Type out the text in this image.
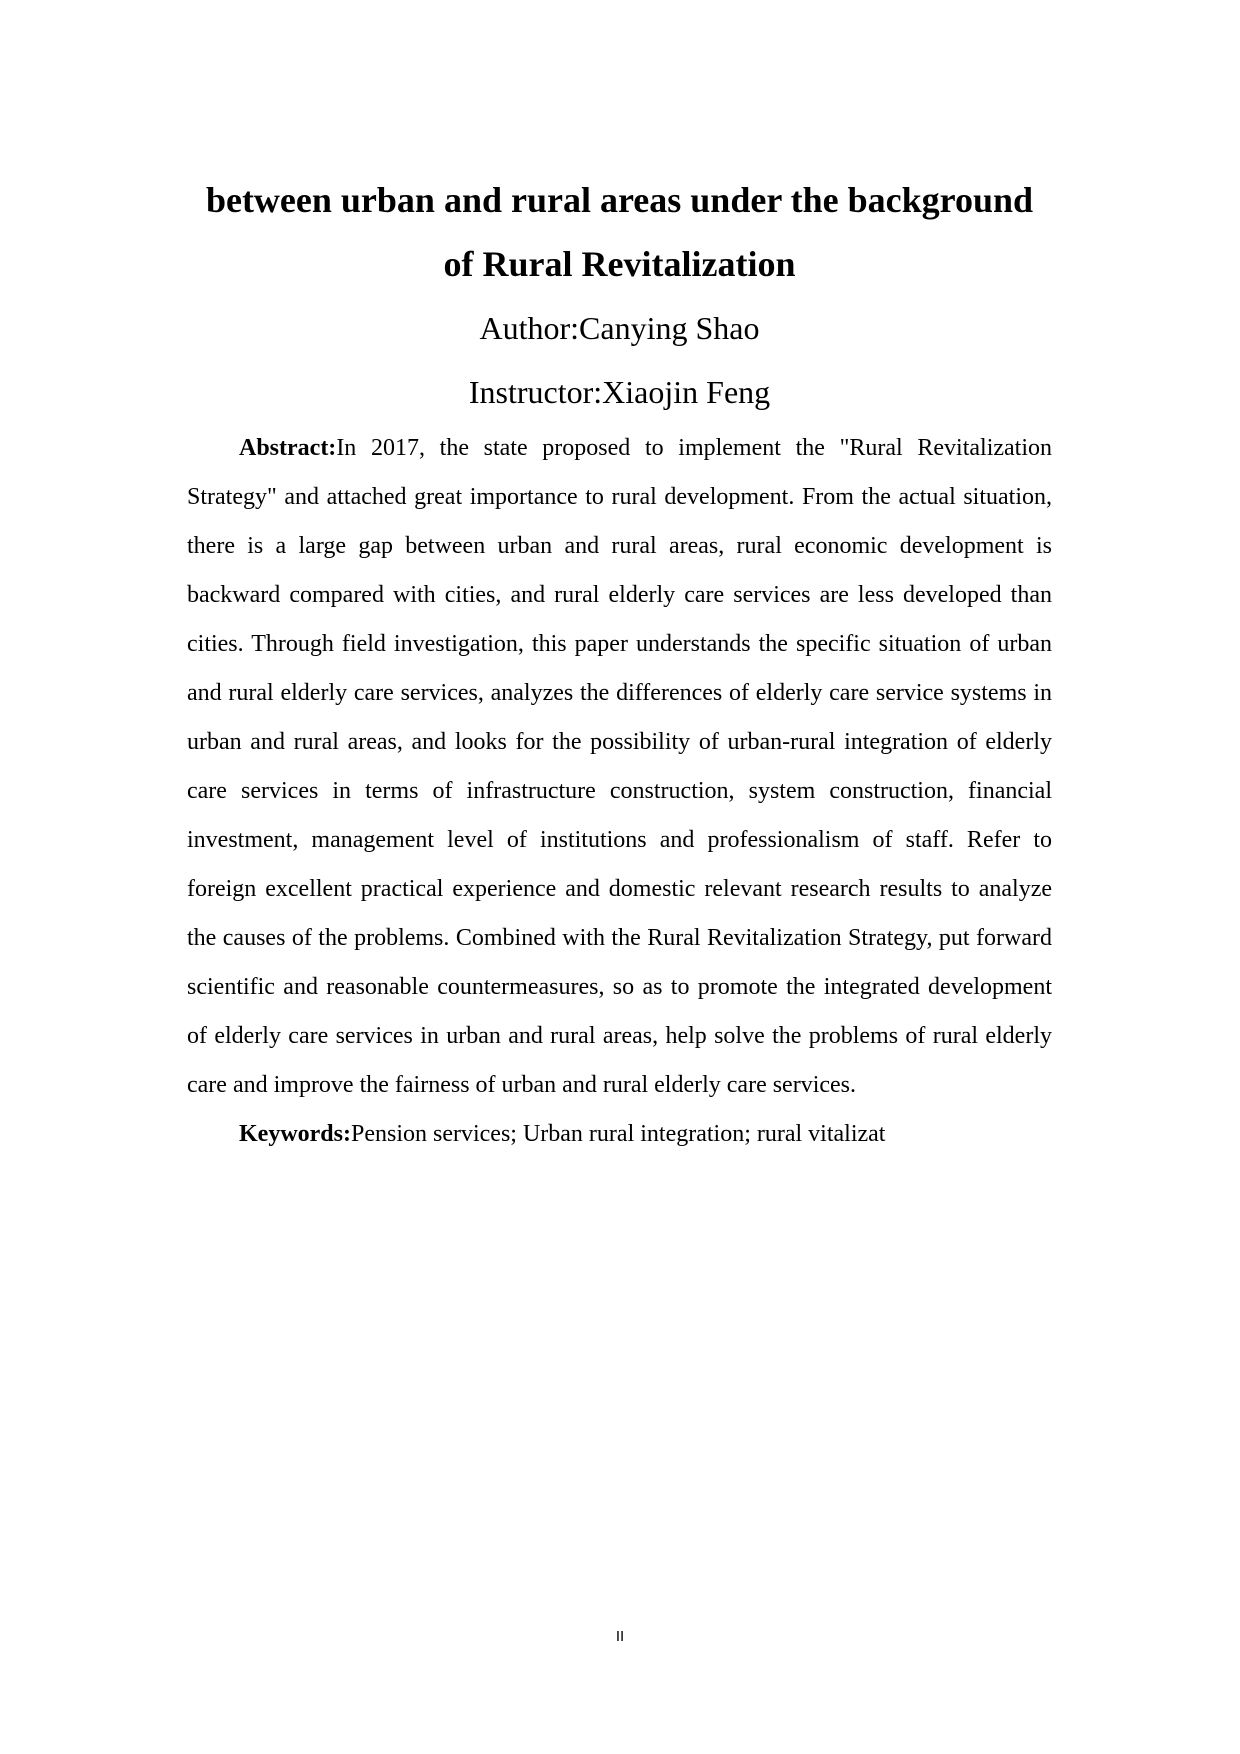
between urban and rural areas under the background
of Rural Revitalization

Author:Canying Shao

Instructor:Xiaojin Feng

Abstract:In 2017, the state proposed to implement the "Rural Revitalization Strategy" and attached great importance to rural development. From the actual situation, there is a large gap between urban and rural areas, rural economic development is backward compared with cities, and rural elderly care services are less developed than cities. Through field investigation, this paper understands the specific situation of urban and rural elderly care services, analyzes the differences of elderly care service systems in urban and rural areas, and looks for the possibility of urban-rural integration of elderly care services in terms of infrastructure construction, system construction, financial investment, management level of institutions and professionalism of staff. Refer to foreign excellent practical experience and domestic relevant research results to analyze the causes of the problems. Combined with the Rural Revitalization Strategy, put forward scientific and reasonable countermeasures, so as to promote the integrated development of elderly care services in urban and rural areas, help solve the problems of rural elderly care and improve the fairness of urban and rural elderly care services.

Keywords:Pension services; Urban rural integration; rural vitalizat

II
